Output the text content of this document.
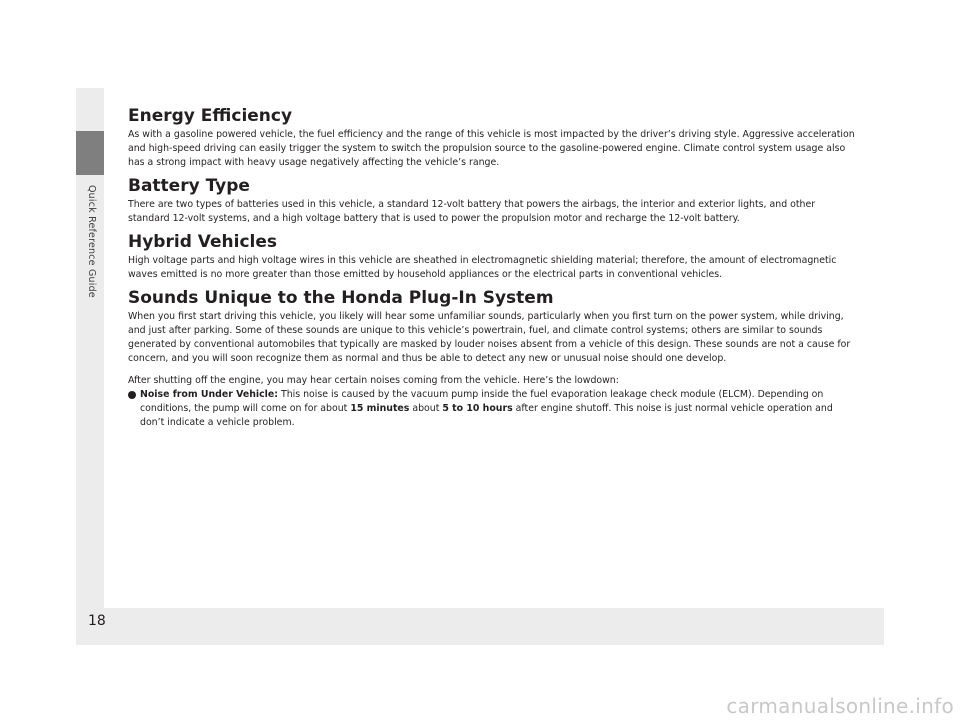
Quick Reference Guide
18
Energy Efficiency

As with a gasoline powered vehicle, the fuel efficiency and the range of this vehicle is most impacted by the driver’s driving style. Aggressive acceleration and high-speed driving can easily trigger the system to switch the propulsion source to the gasoline-powered engine. Climate control system usage also has a strong impact with heavy usage negatively affecting the vehicle’s range.

Battery Type

There are two types of batteries used in this vehicle, a standard 12-volt battery that powers the airbags, the interior and exterior lights, and other standard 12-volt systems, and a high voltage battery that is used to power the propulsion motor and recharge the 12-volt battery.

Hybrid Vehicles

High voltage parts and high voltage wires in this vehicle are sheathed in electromagnetic shielding material; therefore, the amount of electromagnetic waves emitted is no more greater than those emitted by household appliances or the electrical parts in conventional vehicles.

Sounds Unique to the Honda Plug-In System

When you first start driving this vehicle, you likely will hear some unfamiliar sounds, particularly when you first turn on the power system, while driving, and just after parking. Some of these sounds are unique to this vehicle’s powertrain, fuel, and climate control systems; others are similar to sounds generated by conventional automobiles that typically are masked by louder noises absent from a vehicle of this design. These sounds are not a cause for concern, and you will soon recognize them as normal and thus be able to detect any new or unusual noise should one develop.

After shutting off the engine, you may hear certain noises coming from the vehicle. Here’s the lowdown:

Noise from Under Vehicle: This noise is caused by the vacuum pump inside the fuel evaporation leakage check module (ELCM). Depending on conditions, the pump will come on for about 15 minutes about 5 to 10 hours after engine shutoff. This noise is just normal vehicle operation and don’t indicate a vehicle problem.
carmanualsonline.info
